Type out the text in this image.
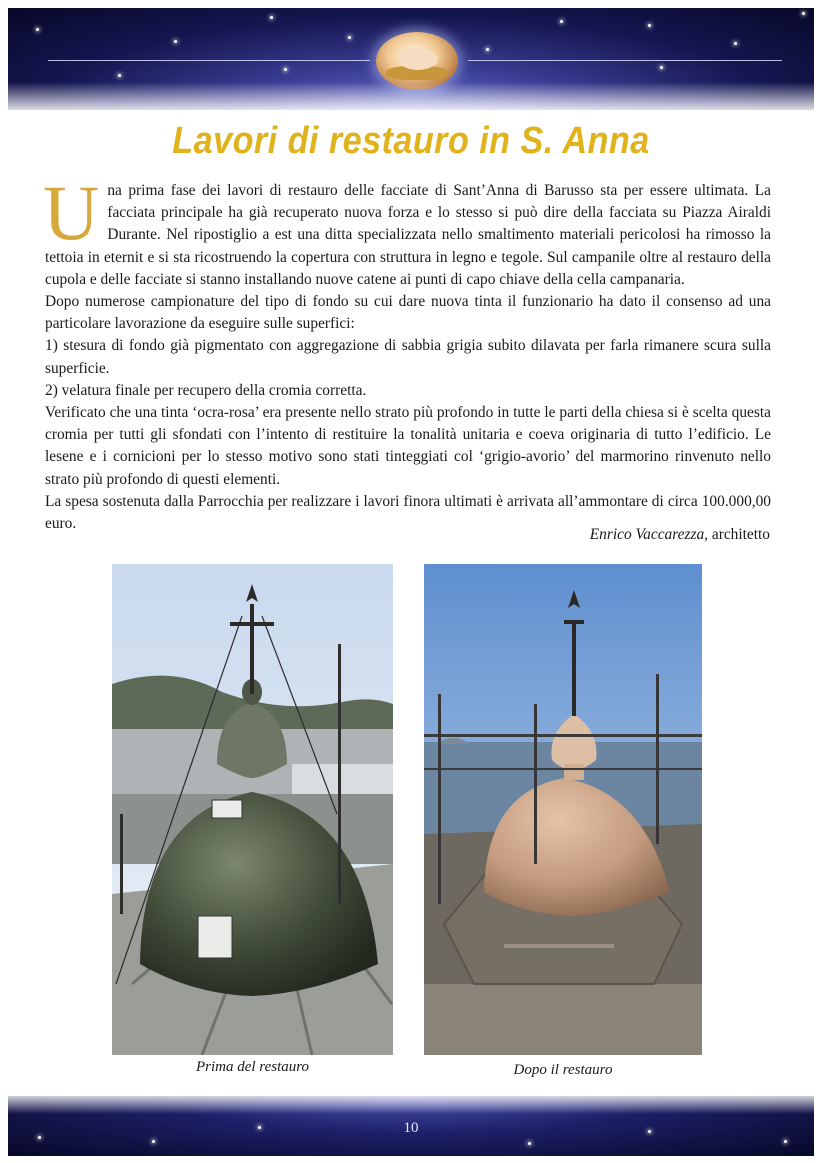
Lavori di restauro in S. Anna

Una prima fase dei lavori di restauro delle facciate di Sant’Anna di Barusso sta per essere ultimata. La facciata principale ha già recuperato nuova forza e lo stesso si può dire della facciata su Piazza Airaldi Durante. Nel ripostiglio a est una ditta specializzata nello smaltimento materiali pericolosi ha rimosso la tettoia in eternit e si sta ricostruendo la copertura con struttura in legno e tegole. Sul campanile oltre al restauro della cupola e delle facciate si stanno installando nuove catene ai punti di capo chiave della cella campanaria.

Dopo numerose campionature del tipo di fondo su cui dare nuova tinta il funzionario ha dato il consenso ad una particolare lavorazione da eseguire sulle superfici:

1) stesura di fondo già pigmentato con aggregazione di sabbia grigia subito dilavata per farla rimanere scura sulla superficie.

2) velatura finale per recupero della cromia corretta.

Verificato che una tinta ‘ocra-rosa’ era presente nello strato più profondo in tutte le parti della chiesa si è scelta questa cromia per tutti gli sfondati con l’intento di restituire la tonalità unitaria e coeva originaria di tutto l’edificio. Le lesene e i cornicioni per lo stesso motivo sono stati tinteggiati col ‘grigio-avorio’ del marmorino rinvenuto nello strato più profondo di questi elementi.

La spesa sostenuta dalla Parrocchia per realizzare i lavori finora ultimati è arrivata all’ammontare di circa 100.000,00 euro.

Enrico Vaccarezza, architetto
Prima del restauro	Dopo il restauro
10
